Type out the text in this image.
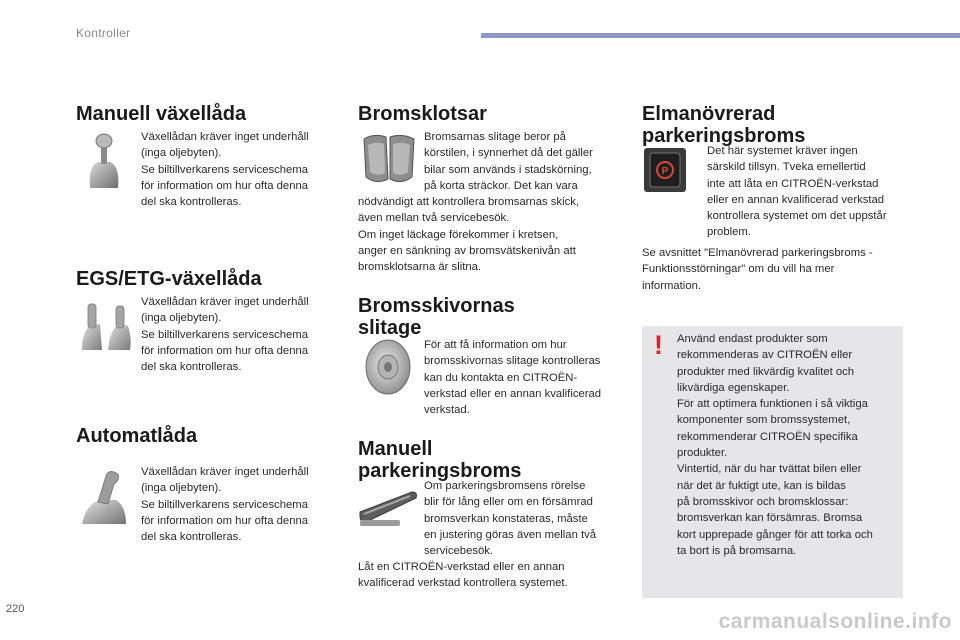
Kontroller
Manuell växellåda

Växellådan kräver inget underhåll
(inga oljebyten).
Se biltillverkarens serviceschema
för information om hur ofta denna
del ska kontrolleras.

EGS/ETG-växellåda

Växellådan kräver inget underhåll
(inga oljebyten).
Se biltillverkarens serviceschema
för information om hur ofta denna
del ska kontrolleras.

Automatlåda

Växellådan kräver inget underhåll
(inga oljebyten).
Se biltillverkarens serviceschema
för information om hur ofta denna
del ska kontrolleras.

Bromsklotsar

Bromsarnas slitage beror på
körstilen, i synnerhet då det gäller
bilar som används i stadskörning,
på korta sträckor. Det kan vara

nödvändigt att kontrollera bromsarnas skick,
även mellan två servicebesök.
Om inget läckage förekommer i kretsen,
anger en sänkning av bromsvätskenivån att
bromsklotsarna är slitna.

Bromsskivornas
slitage

För att få information om hur
bromsskivornas slitage kontrolleras
kan du kontakta en CITROËN-
verkstad eller en annan kvalificerad
verkstad.

Manuell
parkeringsbroms

Om parkeringsbromsens rörelse
blir för lång eller om en försämrad
bromsverkan konstateras, måste
en justering göras även mellan två
servicebesök.

Låt en CITROËN-verkstad eller en annan
kvalificerad verkstad kontrollera systemet.

Elmanövrerad
parkeringsbroms
P

Det här systemet kräver ingen
särskild tillsyn. Tveka emellertid
inte att låta en CITROËN-verkstad
eller en annan kvalificerad verkstad
kontrollera systemet om det uppstår
problem.

Se avsnittet "Elmanövrerad parkeringsbroms -
Funktionsstörningar" om du vill ha mer
information.

!	Använd endast produkter som
rekommenderas av CITROËN eller
produkter med likvärdig kvalitet och
likvärdiga egenskaper.
För att optimera funktionen i så viktiga
komponenter som bromssystemet,
rekommenderar CITROËN specifika
produkter.
Vintertid, när du har tvättat bilen eller
när det är fuktigt ute, kan is bildas
på bromsskivor och bromsklossar:
bromsverkan kan försämras. Bromsa
kort upprepade gånger för att torka och
ta bort is på bromsarna.

220
carmanualsonline.info
